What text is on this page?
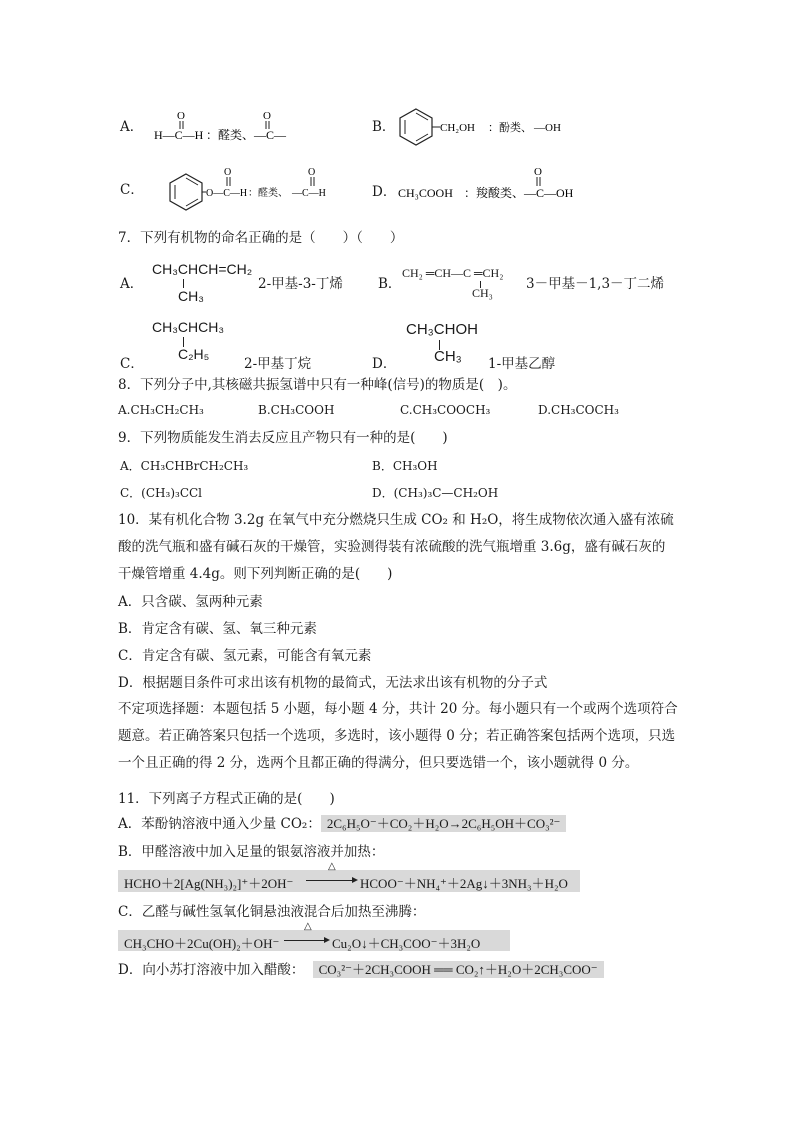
A．
O
H—C—H ：醛类、
O
—C—	B．	CH₂OH ：酚类、 —OH
C．
O
O—C—H ：醛类、
O
—C—H	D． CH₃COOH ：羧酸类、
O
—C—OH
7．下列有机物的命名正确的是（　　）（　　）
A．
CH₃CHCH=CH₂
CH₃
2-甲基-3-丁烯	B．
CH₂ ═CH—C ═CH₂
CH₃
3－甲基－1,3－丁二烯
CH₃CHCH₃
C₂H₅
C．	2-甲基丁烷
CH₃CHOH
CH₃
D．	1-甲基乙醇
8．下列分子中,其核磁共振氢谱中只有一种峰(信号)的物质是(　)。
A.CH₃CH₂CH₃	B.CH₃COOH	C.CH₃COOCH₃	D.CH₃COCH₃
9．下列物质能发生消去反应且产物只有一种的是(　　)
A．CH₃CHBrCH₂CH₃	B．CH₃OH
C．(CH₃)₃CCl	D．(CH₃)₃C—CH₂OH
10．某有机化合物 3.2g 在氧气中充分燃烧只生成 CO₂ 和 H₂O，将生成物依次通入盛有浓硫酸的洗气瓶和盛有碱石灰的干燥管，实验测得装有浓硫酸的洗气瓶增重 3.6g，盛有碱石灰的干燥管增重 4.4g。则下列判断正确的是(　　)
A．只含碳、氢两种元素
B．肯定含有碳、氢、氧三种元素
C．肯定含有碳、氢元素，可能含有氧元素
D．根据题目条件可求出该有机物的最简式，无法求出该有机物的分子式
不定项选择题：本题包括 5 小题，每小题 4 分，共计 20 分。每小题只有一个或两个选项符合题意。若正确答案只包括一个选项，多选时，该小题得 0 分；若正确答案包括两个选项，只选一个且正确的得 2 分，选两个且都正确的得满分，但只要选错一个，该小题就得 0 分。
11．下列离子方程式正确的是(　　)
A．苯酚钠溶液中通入少量 CO₂： 2C₆H₅O⁻＋CO₂＋H₂O→2C₆H₅OH＋CO₃²⁻
B．甲醛溶液中加入足量的银氨溶液并加热：
HCHO＋2[Ag(NH₃)₂]⁺＋2OH⁻
△
HCOO⁻＋NH₄⁺＋2Ag↓＋3NH₃＋H₂O
C．乙醛与碱性氢氧化铜悬浊液混合后加热至沸腾：
CH₃CHO＋2Cu(OH)₂＋OH⁻
△
Cu₂O↓＋CH₃COO⁻＋3H₂O
D．向小苏打溶液中加入醋酸： CO₃²⁻＋2CH₃COOH ══ CO₂↑＋H₂O＋2CH₃COO⁻
